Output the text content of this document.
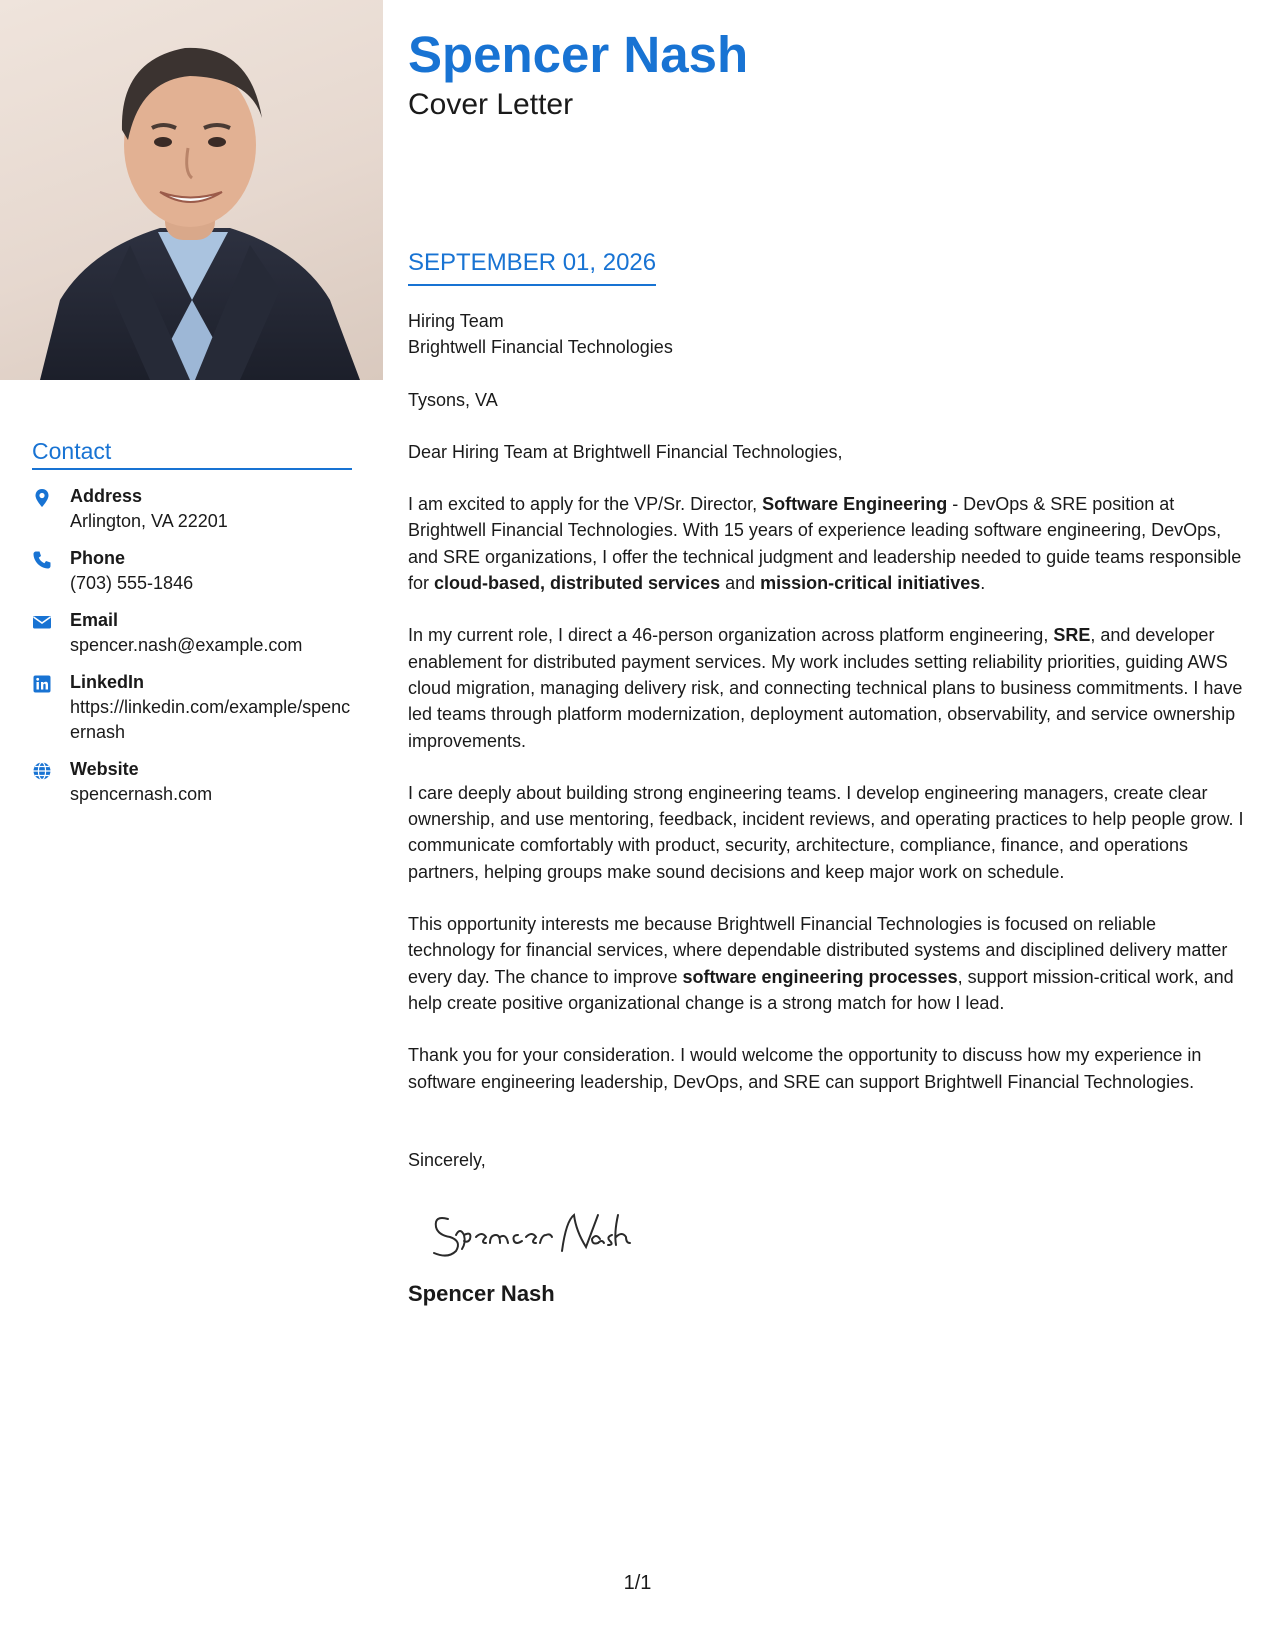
Contact
Address
Arlington, VA 22201
Phone
(703) 555-1846
Email
spencer.nash@example.com
LinkedIn
https://linkedin.com/example/spencernash
Website
spencernash.com
Spencer Nash
Cover Letter
SEPTEMBER 01, 2026

Hiring Team

Brightwell Financial Technologies

Tysons, VA

Dear Hiring Team at Brightwell Financial Technologies,

I am excited to apply for the VP/Sr. Director, Software Engineering - DevOps & SRE position at Brightwell Financial Technologies. With 15 years of experience leading software engineering, DevOps, and SRE organizations, I offer the technical judgment and leadership needed to guide teams responsible for cloud-based, distributed services and mission-critical initiatives.

In my current role, I direct a 46-person organization across platform engineering, SRE, and developer enablement for distributed payment services. My work includes setting reliability priorities, guiding AWS cloud migration, managing delivery risk, and connecting technical plans to business commitments. I have led teams through platform modernization, deployment automation, observability, and service ownership improvements.

I care deeply about building strong engineering teams. I develop engineering managers, create clear ownership, and use mentoring, feedback, incident reviews, and operating practices to help people grow. I communicate comfortably with product, security, architecture, compliance, finance, and operations partners, helping groups make sound decisions and keep major work on schedule.

This opportunity interests me because Brightwell Financial Technologies is focused on reliable technology for financial services, where dependable distributed systems and disciplined delivery matter every day. The chance to improve software engineering processes, support mission-critical work, and help create positive organizational change is a strong match for how I lead.

Thank you for your consideration. I would welcome the opportunity to discuss how my experience in software engineering leadership, DevOps, and SRE can support Brightwell Financial Technologies.

Sincerely,

Spencer Nash
1/1
